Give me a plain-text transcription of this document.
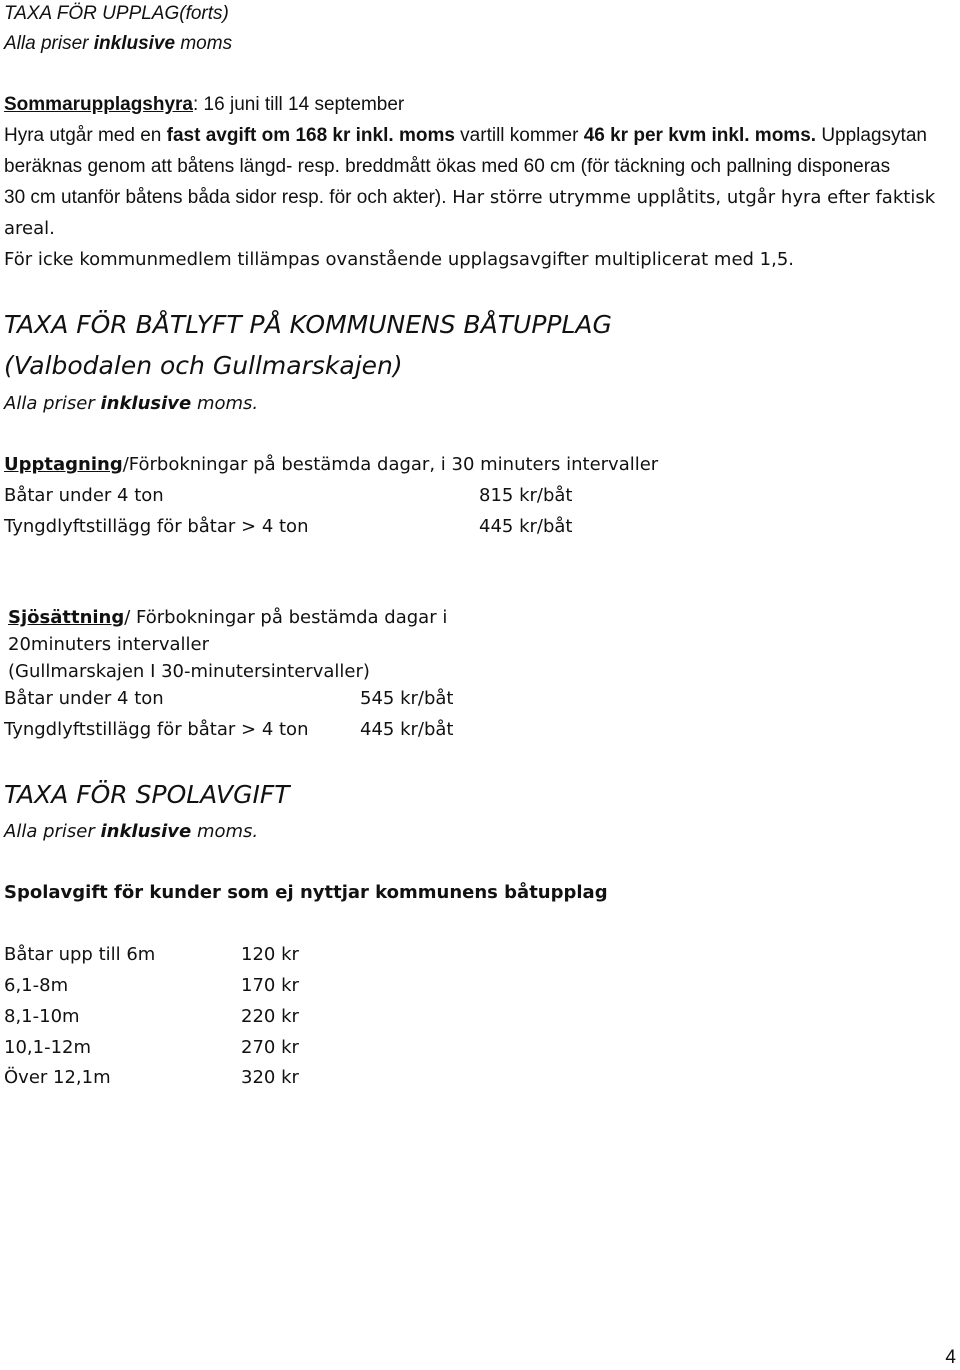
TAXA FÖR UPPLAG(forts)
Alla priser inklusive moms
Sommarupplagshyra: 16 juni till 14 september
Hyra utgår med en fast avgift om 168 kr inkl. moms vartill kommer 46 kr per kvm inkl. moms. Upplagsytan
beräknas genom att båtens längd- resp. breddmått ökas med 60 cm (för täckning och pallning disponeras
30 cm utanför båtens båda sidor resp. för och akter). Har större utrymme upplåtits, utgår hyra efter faktisk
areal.
För icke kommunmedlem tillämpas ovanstående upplagsavgifter multiplicerat med 1,5.
TAXA FÖR BÅTLYFT PÅ KOMMUNENS BÅTUPPLAG
(Valbodalen och Gullmarskajen)
Alla priser inklusive moms.
Upptagning/Förbokningar på bestämda dagar, i 30 minuters intervaller
Båtar under 4 ton	815 kr/båt
Tyngdlyftstillägg för båtar > 4 ton	445 kr/båt
Sjösättning/ Förbokningar på bestämda dagar i
20minuters intervaller
(Gullmarskajen I 30-minutersintervaller)
Båtar under 4 ton	545 kr/båt
Tyngdlyftstillägg för båtar > 4 ton	445 kr/båt
TAXA FÖR SPOLAVGIFT
Alla priser inklusive moms.
Spolavgift för kunder som ej nyttjar kommunens båtupplag
Båtar upp till 6m	120 kr
6,1-8m	170 kr
8,1-10m	220 kr
10,1-12m	270 kr
Över 12,1m	320 kr
4
